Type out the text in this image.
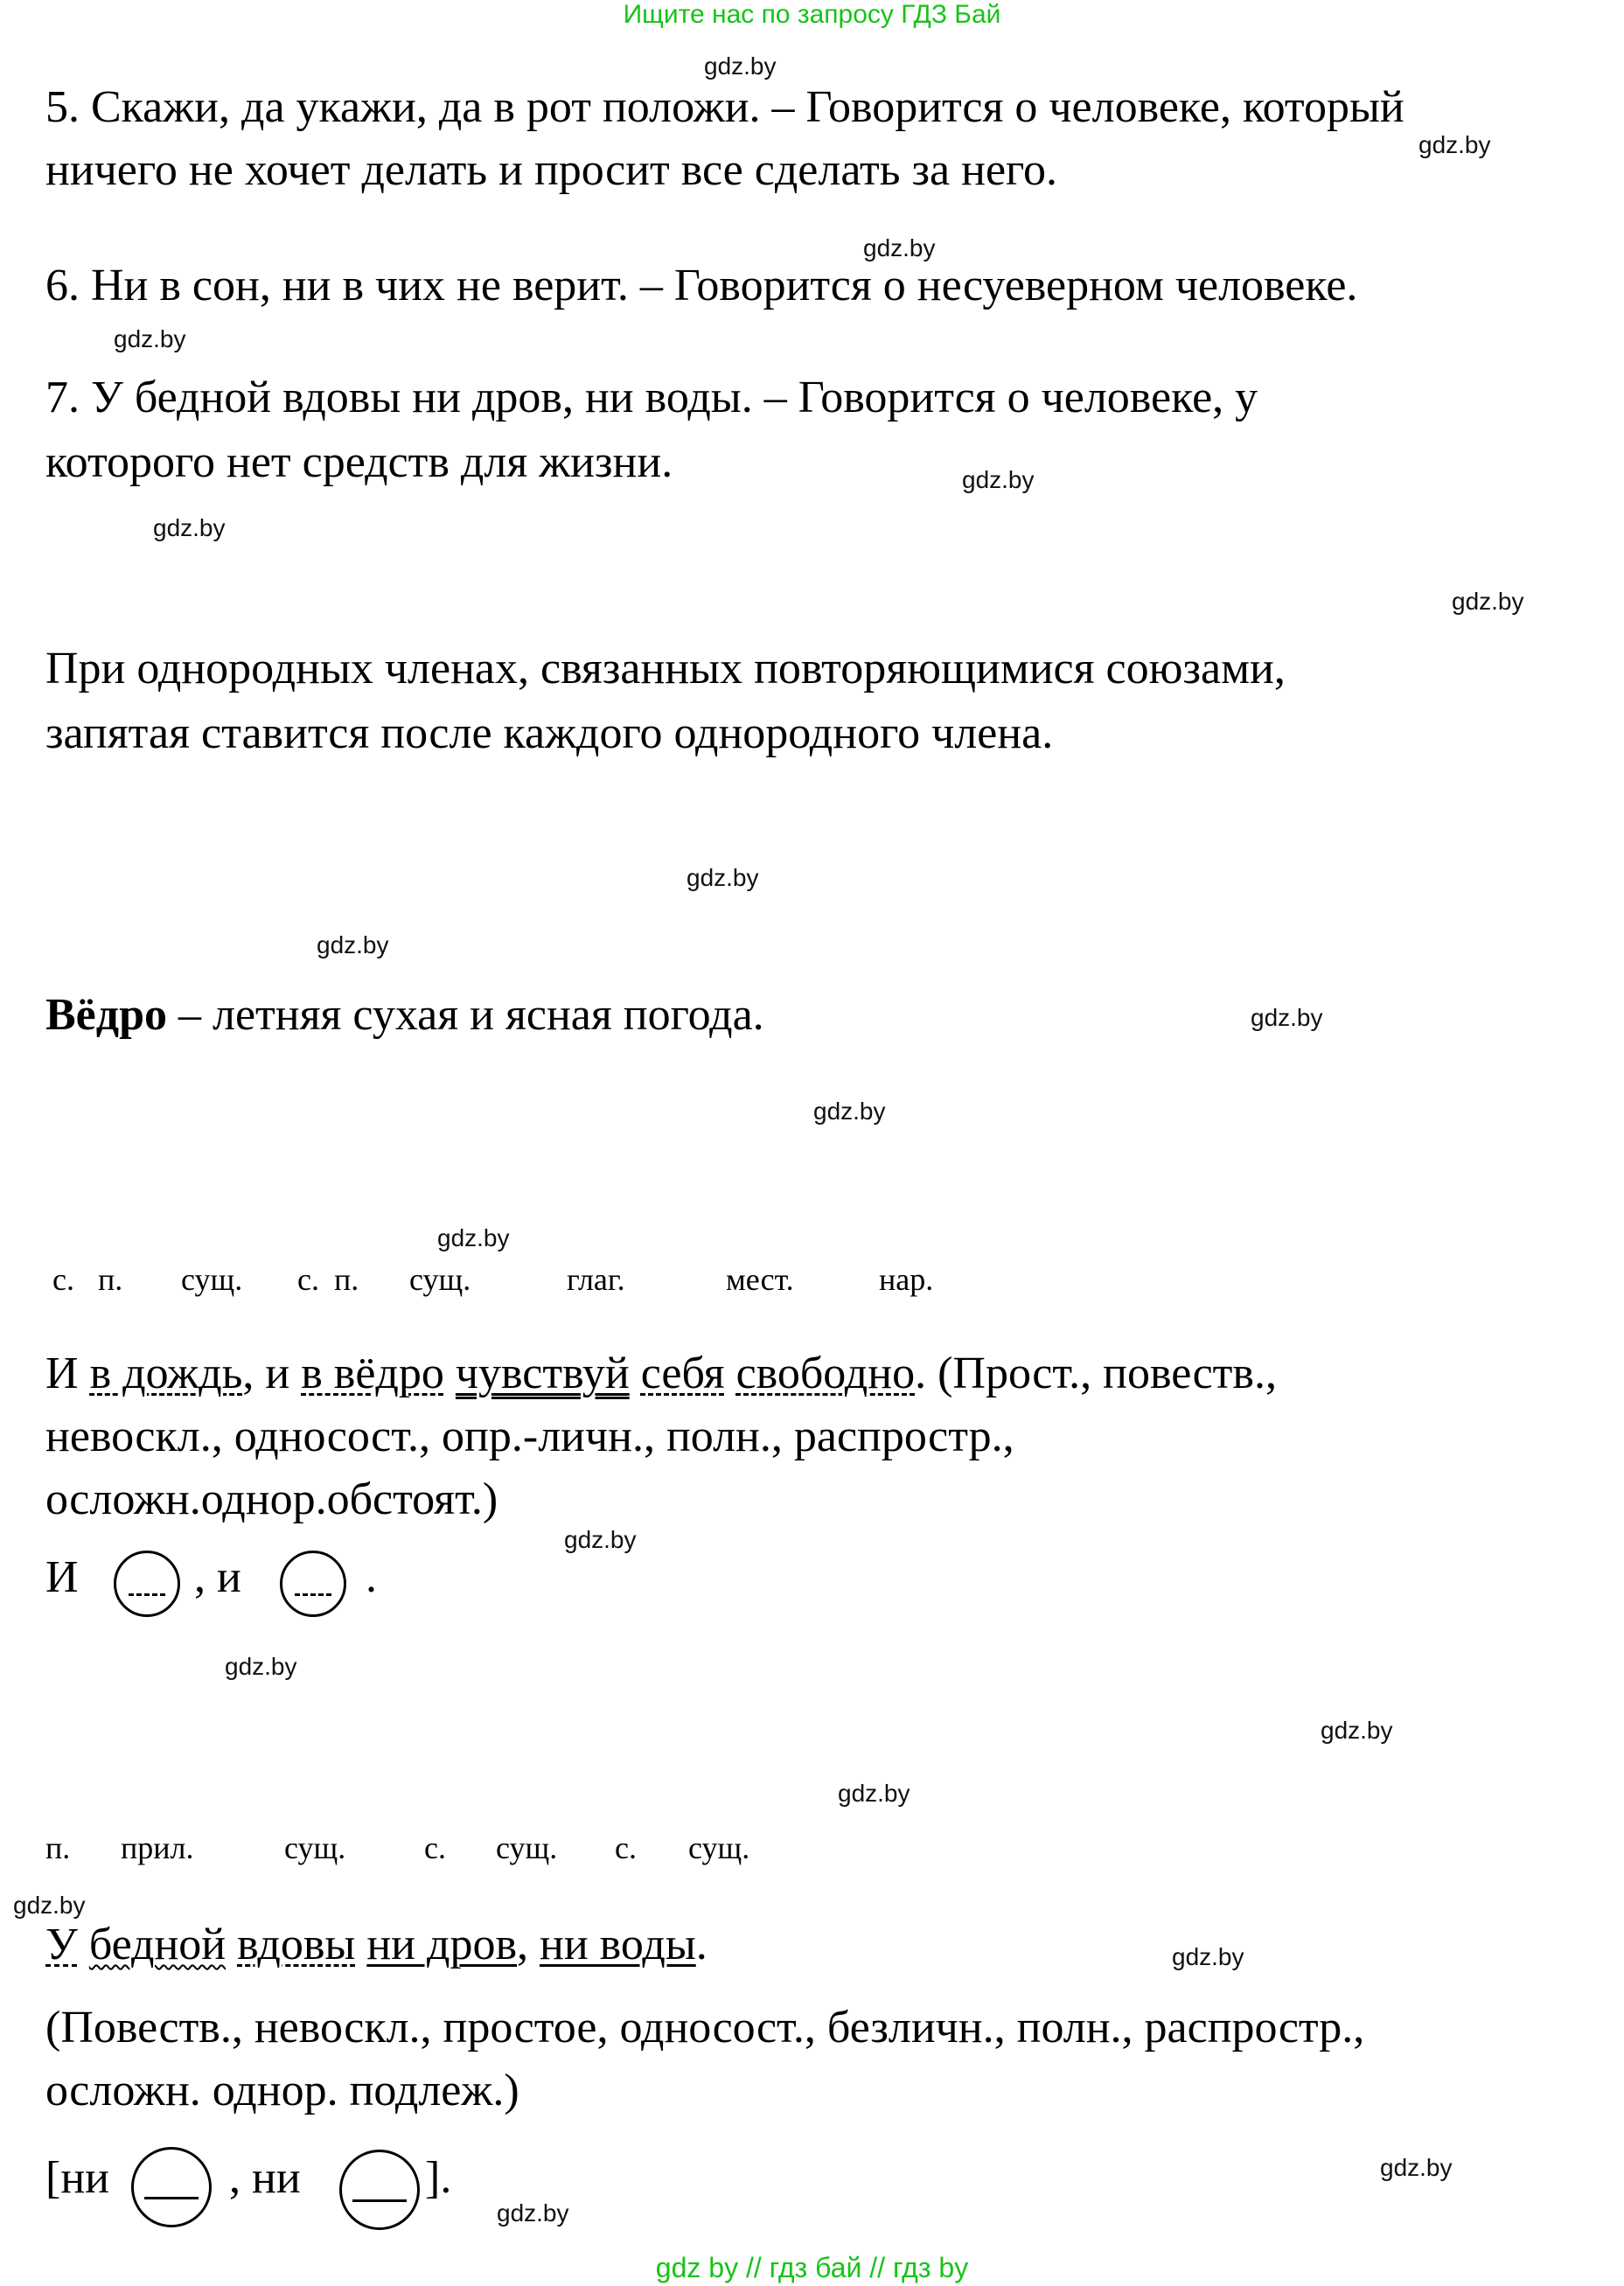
Ищите нас по запросу ГДЗ Бай
gdz.by
gdz.by
gdz.by
gdz.by
gdz.by
gdz.by
gdz.by
gdz.by
gdz.by
gdz.by
gdz.by
gdz.by
gdz.by
gdz.by
gdz.by
gdz.by
gdz.by
gdz.by
gdz.by
gdz.by
5. Скажи, да укажи, да в рот положи. – Говорится о человеке, который
ничего не хочет делать и просит все сделать за него.
6. Ни в сон, ни в чих не верит. – Говорится о несуеверном человеке.
7. У бедной вдовы ни дров, ни воды. – Говорится о человеке, у
которого нет средств для жизни.
При однородных членах, связанных повторяющимися союзами,
запятая ставится после каждого однородного члена.
Вёдро – летняя сухая и ясная погода.
с. п. сущ. с. п. сущ.	глаг.	мест.	нар.
И в дождь, и в вёдро чувствуй себя свободно. (Прост., повеств.,
невоскл., односост., опр.-личн., полн., распростр.,
осложн.однор.обстоят.)
И	, и	.
п. прил.	сущ. с. сущ. с. сущ.
У бедной вдовы ни дров, ни воды.
(Повеств., невоскл., простое, односост., безличн., полн., распростр.,
осложн. однор. подлеж.)
[ни	, ни	].
gdz by // гдз бай // гдз by
